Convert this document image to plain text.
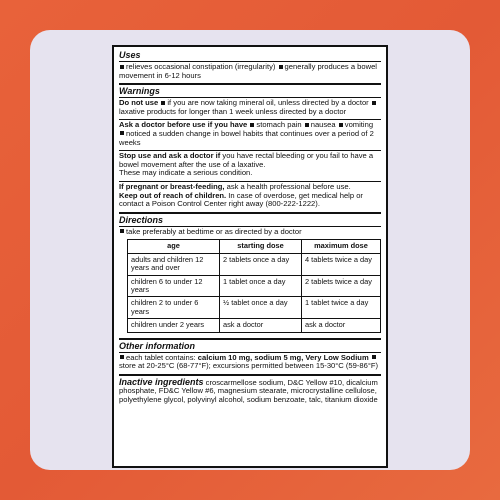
Uses
relieves occasional constipation (irregularity) generally produces a bowel movement in 6-12 hours
Warnings
Do not use if you are now taking mineral oil, unless directed by a doctor laxative products for longer than 1 week unless directed by a doctor
Ask a doctor before use if you have stomach pain nausea vomiting noticed a sudden change in bowel habits that continues over a period of 2 weeks
Stop use and ask a doctor if you have rectal bleeding or you fail to have a bowel movement after the use of a laxative.
These may indicate a serious condition.
If pregnant or breast-feeding, ask a health professional before use.
Keep out of reach of children. In case of overdose, get medical help or contact a Poison Control Center right away (800-222-1222).
Directions
take preferably at bedtime or as directed by a doctor
age	starting dose	maximum dose
adults and children 12 years and over	2 tablets once a day	4 tablets twice a day
children 6 to under 12 years	1 tablet once a day	2 tablets twice a day
children 2 to under 6 years	½ tablet once a day	1 tablet twice a day
children under 2 years	ask a doctor	ask a doctor
Other information
each tablet contains: calcium 10 mg, sodium 5 mg, Very Low Sodium store at 20-25°C (68-77°F); excursions permitted between 15-30°C (59-86°F)
Inactive ingredients croscarmellose sodium, D&C Yellow #10, dicalcium phosphate, FD&C Yellow #6, magnesium stearate, microcrystalline cellulose, polyethylene glycol, polyvinyl alcohol, sodium benzoate, talc, titanium dioxide
